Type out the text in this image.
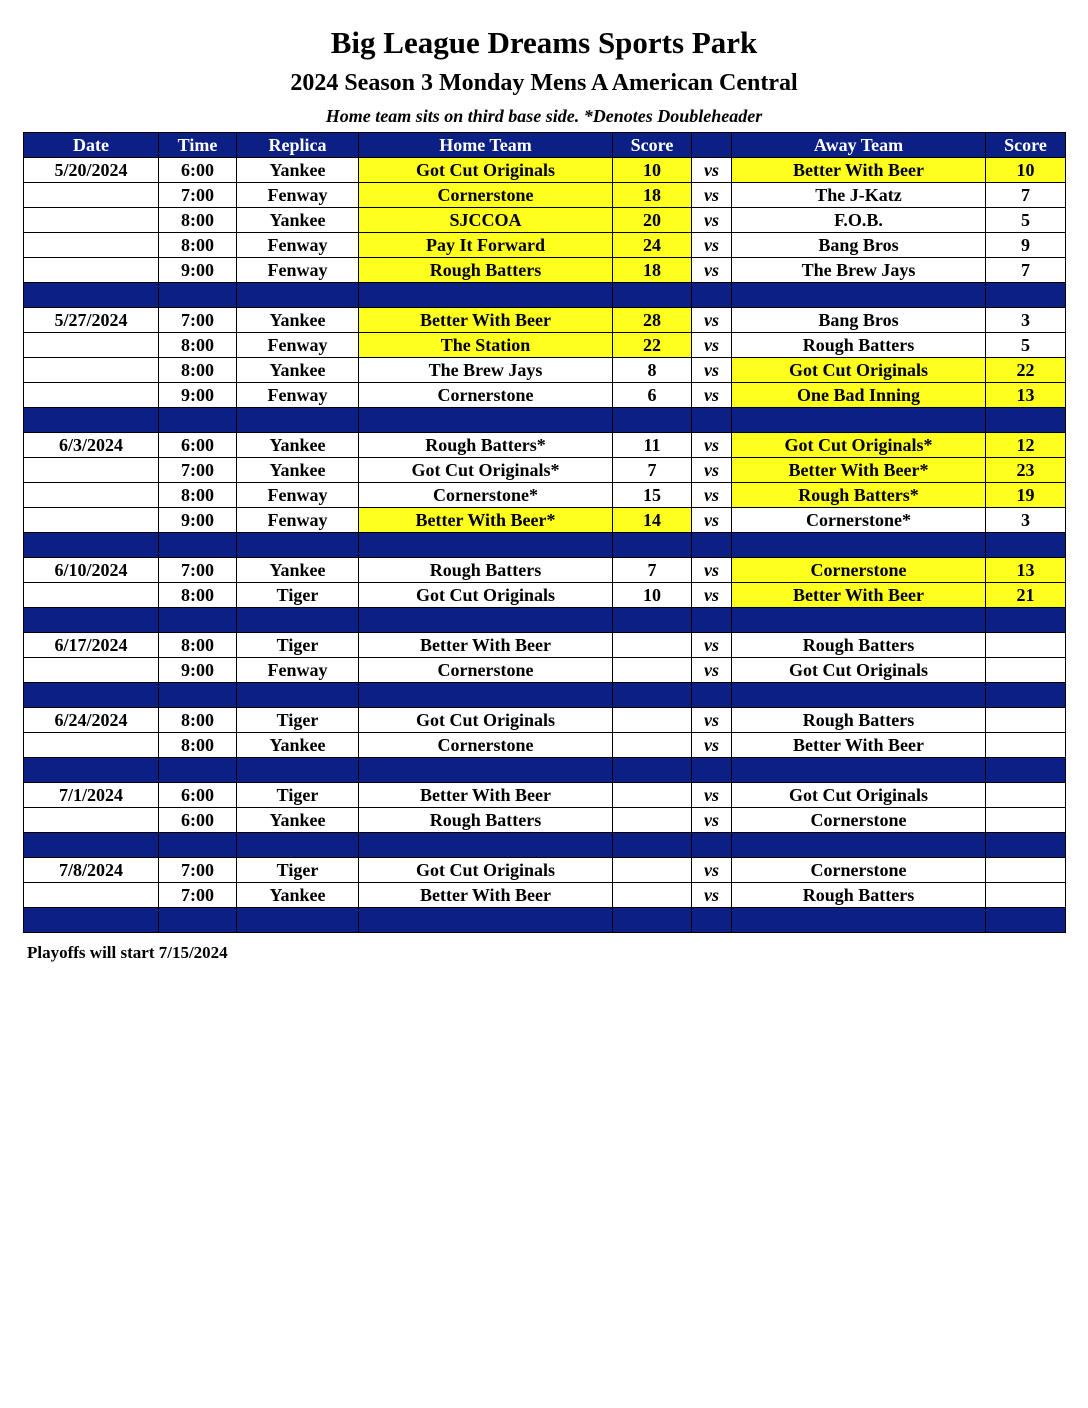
Big League Dreams Sports Park
2024 Season 3 Monday Mens A American Central
Home team sits on third base side. *Denotes Doubleheader
Date	Time	Replica	Home Team	Score		Away Team	Score
5/20/2024	6:00	Yankee	Got Cut Originals	10	vs	Better With Beer	10
	7:00	Fenway	Cornerstone	18	vs	The J-Katz	7
	8:00	Yankee	SJCCOA	20	vs	F.O.B.	5
	8:00	Fenway	Pay It Forward	24	vs	Bang Bros	9
	9:00	Fenway	Rough Batters	18	vs	The Brew Jays	7

5/27/2024	7:00	Yankee	Better With Beer	28	vs	Bang Bros	3
	8:00	Fenway	The Station	22	vs	Rough Batters	5
	8:00	Yankee	The Brew Jays	8	vs	Got Cut Originals	22
	9:00	Fenway	Cornerstone	6	vs	One Bad Inning	13

6/3/2024	6:00	Yankee	Rough Batters*	11	vs	Got Cut Originals*	12
	7:00	Yankee	Got Cut Originals*	7	vs	Better With Beer*	23
	8:00	Fenway	Cornerstone*	15	vs	Rough Batters*	19
	9:00	Fenway	Better With Beer*	14	vs	Cornerstone*	3

6/10/2024	7:00	Yankee	Rough Batters	7	vs	Cornerstone	13
	8:00	Tiger	Got Cut Originals	10	vs	Better With Beer	21

6/17/2024	8:00	Tiger	Better With Beer		vs	Rough Batters	
	9:00	Fenway	Cornerstone		vs	Got Cut Originals	

6/24/2024	8:00	Tiger	Got Cut Originals		vs	Rough Batters	
	8:00	Yankee	Cornerstone		vs	Better With Beer	

7/1/2024	6:00	Tiger	Better With Beer		vs	Got Cut Originals	
	6:00	Yankee	Rough Batters		vs	Cornerstone	

7/8/2024	7:00	Tiger	Got Cut Originals		vs	Cornerstone	
	7:00	Yankee	Better With Beer		vs	Rough Batters	

Playoffs will start 7/15/2024
